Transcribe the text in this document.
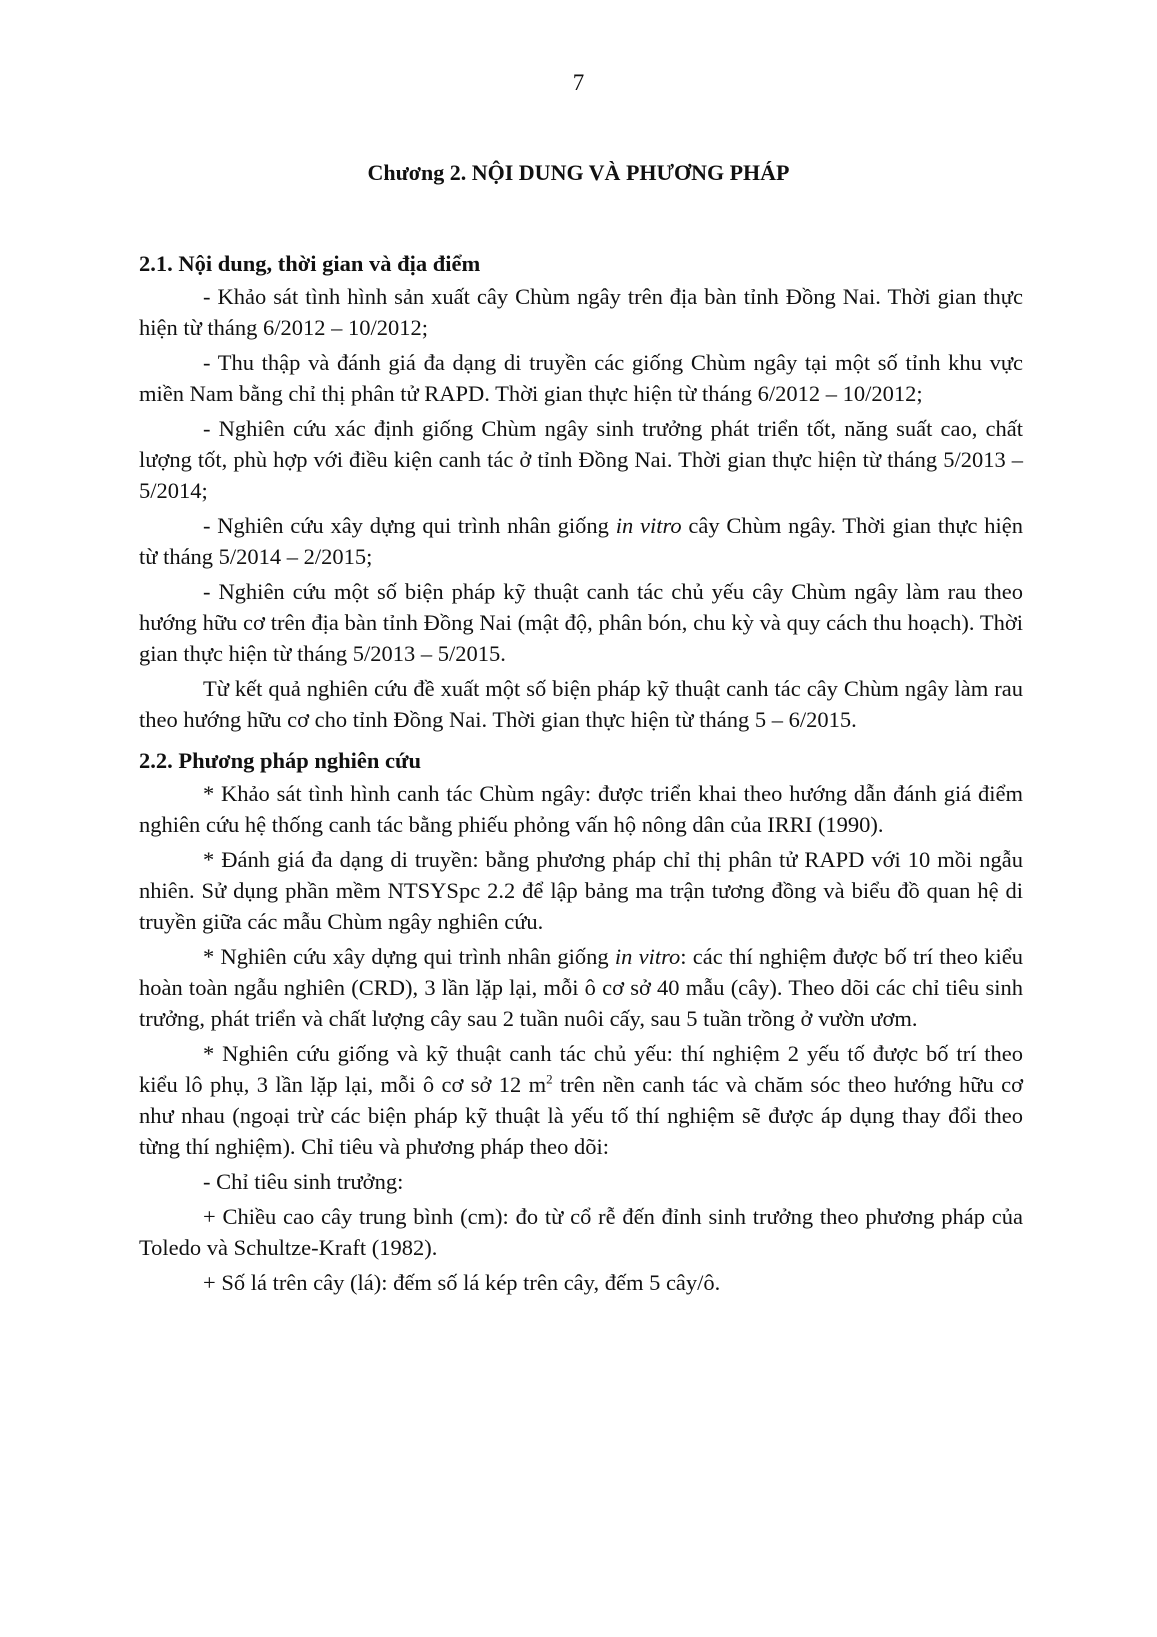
7
Chương 2. NỘI DUNG VÀ PHƯƠNG PHÁP
2.1. Nội dung, thời gian và địa điểm

- Khảo sát tình hình sản xuất cây Chùm ngây trên địa bàn tỉnh Đồng Nai. Thời gian thực hiện từ tháng 6/2012 – 10/2012;

- Thu thập và đánh giá đa dạng di truyền các giống Chùm ngây tại một số tỉnh khu vực miền Nam bằng chỉ thị phân tử RAPD. Thời gian thực hiện từ tháng 6/2012 – 10/2012;

- Nghiên cứu xác định giống Chùm ngây sinh trưởng phát triển tốt, năng suất cao, chất lượng tốt, phù hợp với điều kiện canh tác ở tỉnh Đồng Nai. Thời gian thực hiện từ tháng 5/2013 – 5/2014;

- Nghiên cứu xây dựng qui trình nhân giống in vitro cây Chùm ngây. Thời gian thực hiện từ tháng 5/2014 – 2/2015;

- Nghiên cứu một số biện pháp kỹ thuật canh tác chủ yếu cây Chùm ngây làm rau theo hướng hữu cơ trên địa bàn tỉnh Đồng Nai (mật độ, phân bón, chu kỳ và quy cách thu hoạch). Thời gian thực hiện từ tháng 5/2013 – 5/2015.

Từ kết quả nghiên cứu đề xuất một số biện pháp kỹ thuật canh tác cây Chùm ngây làm rau theo hướng hữu cơ cho tỉnh Đồng Nai. Thời gian thực hiện từ tháng 5 – 6/2015.

2.2. Phương pháp nghiên cứu

* Khảo sát tình hình canh tác Chùm ngây: được triển khai theo hướng dẫn đánh giá điểm nghiên cứu hệ thống canh tác bằng phiếu phỏng vấn hộ nông dân của IRRI (1990).

* Đánh giá đa dạng di truyền: bằng phương pháp chỉ thị phân tử RAPD với 10 mồi ngẫu nhiên. Sử dụng phần mềm NTSYSpc 2.2 để lập bảng ma trận tương đồng và biểu đồ quan hệ di truyền giữa các mẫu Chùm ngây nghiên cứu.

* Nghiên cứu xây dựng qui trình nhân giống in vitro: các thí nghiệm được bố trí theo kiểu hoàn toàn ngẫu nghiên (CRD), 3 lần lặp lại, mỗi ô cơ sở 40 mẫu (cây). Theo dõi các chỉ tiêu sinh trưởng, phát triển và chất lượng cây sau 2 tuần nuôi cấy, sau 5 tuần trồng ở vườn ươm.

* Nghiên cứu giống và kỹ thuật canh tác chủ yếu: thí nghiệm 2 yếu tố được bố trí theo kiểu lô phụ, 3 lần lặp lại, mỗi ô cơ sở 12 $m^2$ trên nền canh tác và chăm sóc theo hướng hữu cơ như nhau (ngoại trừ các biện pháp kỹ thuật là yếu tố thí nghiệm sẽ được áp dụng thay đổi theo từng thí nghiệm). Chỉ tiêu và phương pháp theo dõi:

- Chỉ tiêu sinh trưởng:

+ Chiều cao cây trung bình (cm): đo từ cổ rễ đến đỉnh sinh trưởng theo phương pháp của Toledo và Schultze-Kraft (1982).

+ Số lá trên cây (lá): đếm số lá kép trên cây, đếm 5 cây/ô.
